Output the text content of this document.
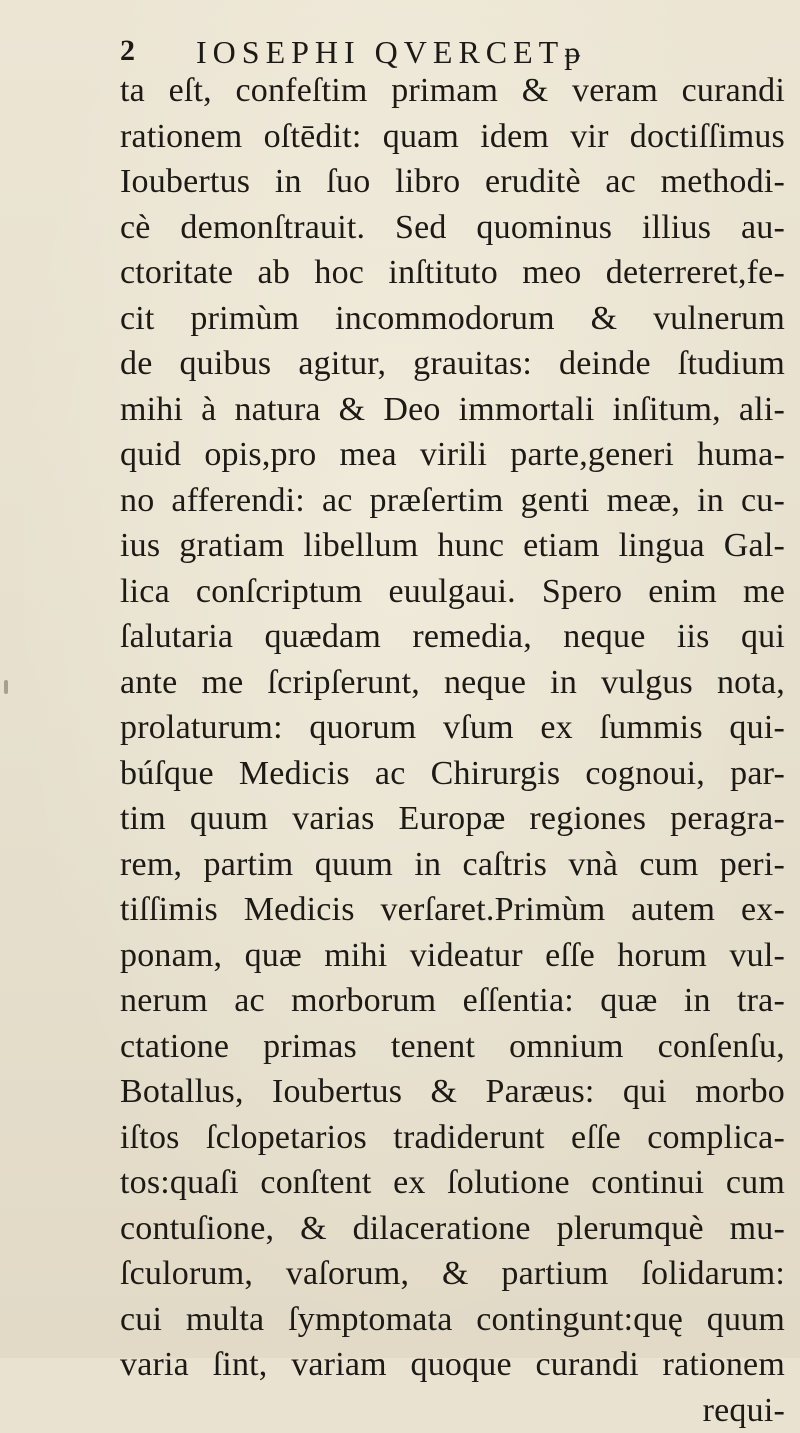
2 IOSEPHI QVERCETᵽ
ta eſt, confeſtim primam & veram curandi
rationem oſtēdit: quam idem vir doctiſſimus
Ioubertus in ſuo libro eruditè ac methodi-
cè demonſtrauit. Sed quominus illius au-
ctoritate ab hoc inſtituto meo deterreret,fe-
cit primùm incommodorum & vulnerum
de quibus agitur, grauitas: deinde ſtudium
mihi à natura & Deo immortali inſitum, ali-
quid opis,pro mea virili parte,generi huma-
no afferendi: ac præſertim genti meæ, in cu-
ius gratiam libellum hunc etiam lingua Gal-
lica conſcriptum euulgaui. Spero enim me
ſalutaria quædam remedia, neque iis qui
ante me ſcripſerunt, neque in vulgus nota,
prolaturum: quorum vſum ex ſummis qui-
búſque Medicis ac Chirurgis cognoui, par-
tim quum varias Europæ regiones peragra-
rem, partim quum in caſtris vnà cum peri-
tiſſimis Medicis verſaret.Primùm autem ex-
ponam, quæ mihi videatur eſſe horum vul-
nerum ac morborum eſſentia: quæ in tra-
ctatione primas tenent omnium conſenſu,
Botallus, Ioubertus & Paræus: qui morbo
iſtos ſclopetarios tradiderunt eſſe complica-
tos:quaſi conſtent ex ſolutione continui cum
contuſione, & dilaceratione plerumquè mu-
ſculorum, vaſorum, & partium ſolidarum:
cui multa ſymptomata contingunt:quę quum
varia ſint, variam quoque curandi rationem
requi-
